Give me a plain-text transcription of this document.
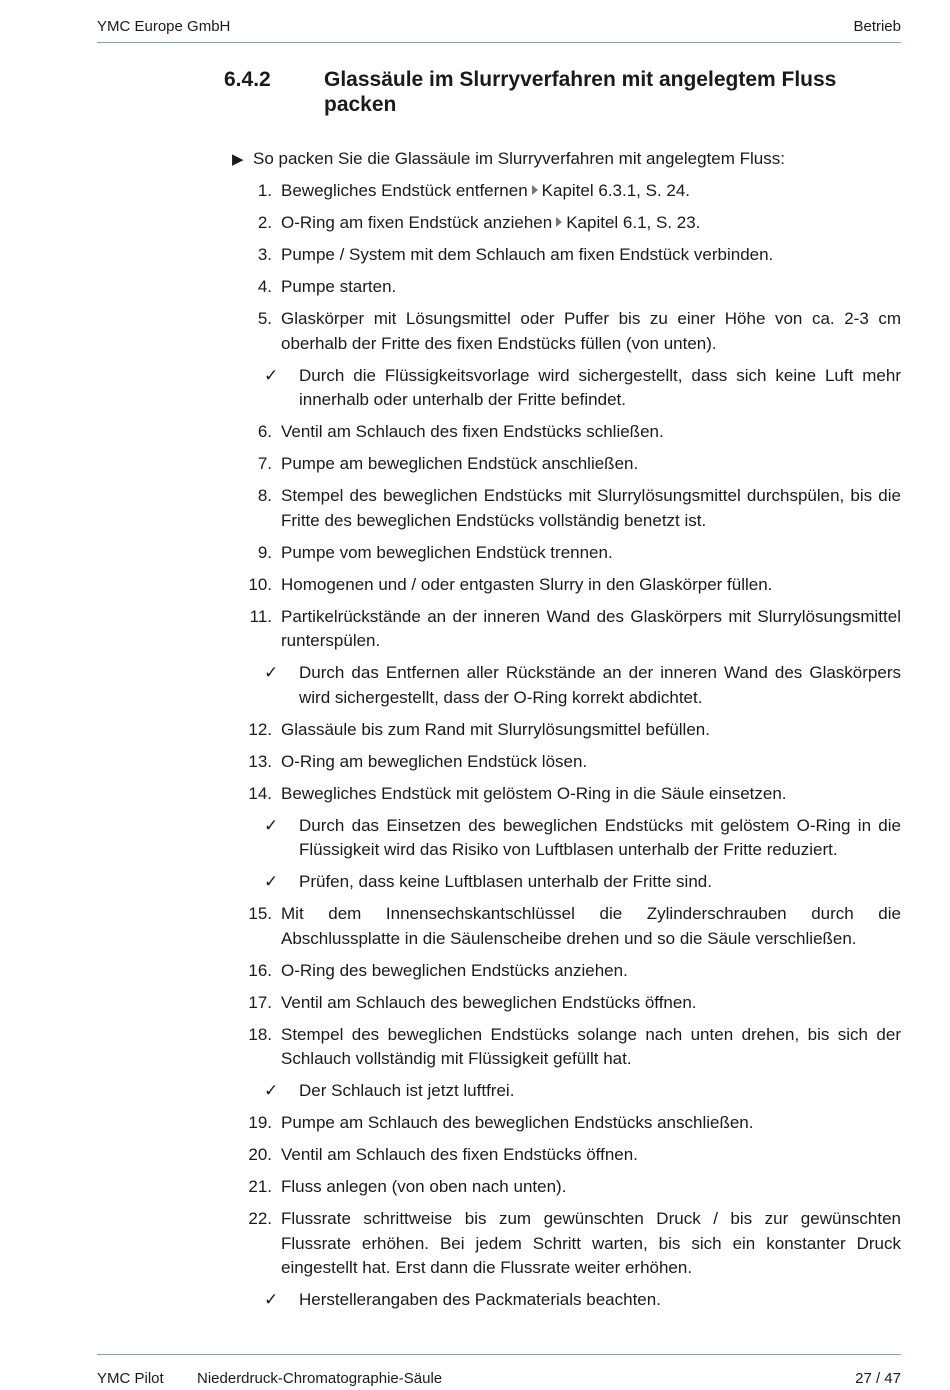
YMC Europe GmbH	Betrieb
6.4.2	Glassäule im Slurryverfahren mit angelegtem Fluss packen
▶ So packen Sie die Glassäule im Slurryverfahren mit angelegtem Fluss:
1. Bewegliches Endstück entfernen Kapitel 6.3.1, S. 24.
2. O-Ring am fixen Endstück anziehen Kapitel 6.1, S. 23.
3. Pumpe / System mit dem Schlauch am fixen Endstück verbinden.
4. Pumpe starten.
5. Glaskörper mit Lösungsmittel oder Puffer bis zu einer Höhe von ca. 2-3 cm oberhalb der Fritte des fixen Endstücks füllen (von unten).
✓	Durch die Flüssigkeitsvorlage wird sichergestellt, dass sich keine Luft mehr innerhalb oder unterhalb der Fritte befindet.
6. Ventil am Schlauch des fixen Endstücks schließen.
7. Pumpe am beweglichen Endstück anschließen.
8. Stempel des beweglichen Endstücks mit Slurrylösungsmittel durchspülen, bis die Fritte des beweglichen Endstücks vollständig benetzt ist.
9. Pumpe vom beweglichen Endstück trennen.
10. Homogenen und / oder entgasten Slurry in den Glaskörper füllen.
11. Partikelrückstände an der inneren Wand des Glaskörpers mit Slurrylösungsmittel runterspülen.
✓	Durch das Entfernen aller Rückstände an der inneren Wand des Glaskörpers wird sichergestellt, dass der O-Ring korrekt abdichtet.
12. Glassäule bis zum Rand mit Slurrylösungsmittel befüllen.
13. O-Ring am beweglichen Endstück lösen.
14. Bewegliches Endstück mit gelöstem O-Ring in die Säule einsetzen.
✓	Durch das Einsetzen des beweglichen Endstücks mit gelöstem O-Ring in die Flüssigkeit wird das Risiko von Luftblasen unterhalb der Fritte reduziert.
✓	Prüfen, dass keine Luftblasen unterhalb der Fritte sind.
15. Mit dem Innensechskantschlüssel die Zylinderschrauben durch die Abschlussplatte in die Säulenscheibe drehen und so die Säule verschließen.
16. O-Ring des beweglichen Endstücks anziehen.
17. Ventil am Schlauch des beweglichen Endstücks öffnen.
18. Stempel des beweglichen Endstücks solange nach unten drehen, bis sich der Schlauch vollständig mit Flüssigkeit gefüllt hat.
✓	Der Schlauch ist jetzt luftfrei.
19. Pumpe am Schlauch des beweglichen Endstücks anschließen.
20. Ventil am Schlauch des fixen Endstücks öffnen.
21. Fluss anlegen (von oben nach unten).
22. Flussrate schrittweise bis zum gewünschten Druck / bis zur gewünschten Flussrate erhöhen. Bei jedem Schritt warten, bis sich ein konstanter Druck eingestellt hat. Erst dann die Flussrate weiter erhöhen.
✓	Herstellerangaben des Packmaterials beachten.
YMC Pilot Niederdruck-Chromatographie-Säule	27 / 47
